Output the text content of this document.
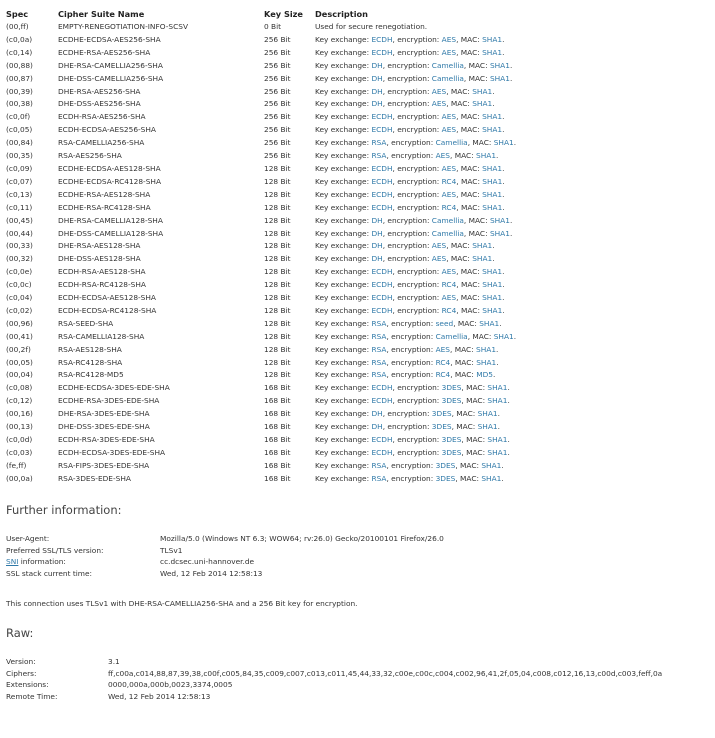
Spec	Cipher Suite Name	Key Size	Description
(00,ff)	EMPTY-RENEGOTIATION-INFO-SCSV	0 Bit	Used for secure renegotiation.
(c0,0a)	ECDHE-ECDSA-AES256-SHA	256 Bit	Key exchange: ECDH, encryption: AES, MAC: SHA1.
(c0,14)	ECDHE-RSA-AES256-SHA	256 Bit	Key exchange: ECDH, encryption: AES, MAC: SHA1.
(00,88)	DHE-RSA-CAMELLIA256-SHA	256 Bit	Key exchange: DH, encryption: Camellia, MAC: SHA1.
(00,87)	DHE-DSS-CAMELLIA256-SHA	256 Bit	Key exchange: DH, encryption: Camellia, MAC: SHA1.
(00,39)	DHE-RSA-AES256-SHA	256 Bit	Key exchange: DH, encryption: AES, MAC: SHA1.
(00,38)	DHE-DSS-AES256-SHA	256 Bit	Key exchange: DH, encryption: AES, MAC: SHA1.
(c0,0f)	ECDH-RSA-AES256-SHA	256 Bit	Key exchange: ECDH, encryption: AES, MAC: SHA1.
(c0,05)	ECDH-ECDSA-AES256-SHA	256 Bit	Key exchange: ECDH, encryption: AES, MAC: SHA1.
(00,84)	RSA-CAMELLIA256-SHA	256 Bit	Key exchange: RSA, encryption: Camellia, MAC: SHA1.
(00,35)	RSA-AES256-SHA	256 Bit	Key exchange: RSA, encryption: AES, MAC: SHA1.
(c0,09)	ECDHE-ECDSA-AES128-SHA	128 Bit	Key exchange: ECDH, encryption: AES, MAC: SHA1.
(c0,07)	ECDHE-ECDSA-RC4128-SHA	128 Bit	Key exchange: ECDH, encryption: RC4, MAC: SHA1.
(c0,13)	ECDHE-RSA-AES128-SHA	128 Bit	Key exchange: ECDH, encryption: AES, MAC: SHA1.
(c0,11)	ECDHE-RSA-RC4128-SHA	128 Bit	Key exchange: ECDH, encryption: RC4, MAC: SHA1.
(00,45)	DHE-RSA-CAMELLIA128-SHA	128 Bit	Key exchange: DH, encryption: Camellia, MAC: SHA1.
(00,44)	DHE-DSS-CAMELLIA128-SHA	128 Bit	Key exchange: DH, encryption: Camellia, MAC: SHA1.
(00,33)	DHE-RSA-AES128-SHA	128 Bit	Key exchange: DH, encryption: AES, MAC: SHA1.
(00,32)	DHE-DSS-AES128-SHA	128 Bit	Key exchange: DH, encryption: AES, MAC: SHA1.
(c0,0e)	ECDH-RSA-AES128-SHA	128 Bit	Key exchange: ECDH, encryption: AES, MAC: SHA1.
(c0,0c)	ECDH-RSA-RC4128-SHA	128 Bit	Key exchange: ECDH, encryption: RC4, MAC: SHA1.
(c0,04)	ECDH-ECDSA-AES128-SHA	128 Bit	Key exchange: ECDH, encryption: AES, MAC: SHA1.
(c0,02)	ECDH-ECDSA-RC4128-SHA	128 Bit	Key exchange: ECDH, encryption: RC4, MAC: SHA1.
(00,96)	RSA-SEED-SHA	128 Bit	Key exchange: RSA, encryption: seed, MAC: SHA1.
(00,41)	RSA-CAMELLIA128-SHA	128 Bit	Key exchange: RSA, encryption: Camellia, MAC: SHA1.
(00,2f)	RSA-AES128-SHA	128 Bit	Key exchange: RSA, encryption: AES, MAC: SHA1.
(00,05)	RSA-RC4128-SHA	128 Bit	Key exchange: RSA, encryption: RC4, MAC: SHA1.
(00,04)	RSA-RC4128-MD5	128 Bit	Key exchange: RSA, encryption: RC4, MAC: MD5.
(c0,08)	ECDHE-ECDSA-3DES-EDE-SHA	168 Bit	Key exchange: ECDH, encryption: 3DES, MAC: SHA1.
(c0,12)	ECDHE-RSA-3DES-EDE-SHA	168 Bit	Key exchange: ECDH, encryption: 3DES, MAC: SHA1.
(00,16)	DHE-RSA-3DES-EDE-SHA	168 Bit	Key exchange: DH, encryption: 3DES, MAC: SHA1.
(00,13)	DHE-DSS-3DES-EDE-SHA	168 Bit	Key exchange: DH, encryption: 3DES, MAC: SHA1.
(c0,0d)	ECDH-RSA-3DES-EDE-SHA	168 Bit	Key exchange: ECDH, encryption: 3DES, MAC: SHA1.
(c0,03)	ECDH-ECDSA-3DES-EDE-SHA	168 Bit	Key exchange: ECDH, encryption: 3DES, MAC: SHA1.
(fe,ff)	RSA-FIPS-3DES-EDE-SHA	168 Bit	Key exchange: RSA, encryption: 3DES, MAC: SHA1.
(00,0a)	RSA-3DES-EDE-SHA	168 Bit	Key exchange: RSA, encryption: 3DES, MAC: SHA1.
Further information:
User-Agent:	Mozilla/5.0 (Windows NT 6.3; WOW64; rv:26.0) Gecko/20100101 Firefox/26.0
Preferred SSL/TLS version:	TLSv1
SNI information:	cc.dcsec.uni-hannover.de
SSL stack current time:	Wed, 12 Feb 2014 12:58:13

This connection uses TLSv1 with DHE-RSA-CAMELLIA256-SHA and a 256 Bit key for encryption.

Raw:
Version:	3.1
Ciphers:	ff,c00a,c014,88,87,39,38,c00f,c005,84,35,c009,c007,c013,c011,45,44,33,32,c00e,c00c,c004,c002,96,41,2f,05,04,c008,c012,16,13,c00d,c003,feff,0a
Extensions:	0000,000a,000b,0023,3374,0005
Remote Time:	Wed, 12 Feb 2014 12:58:13
